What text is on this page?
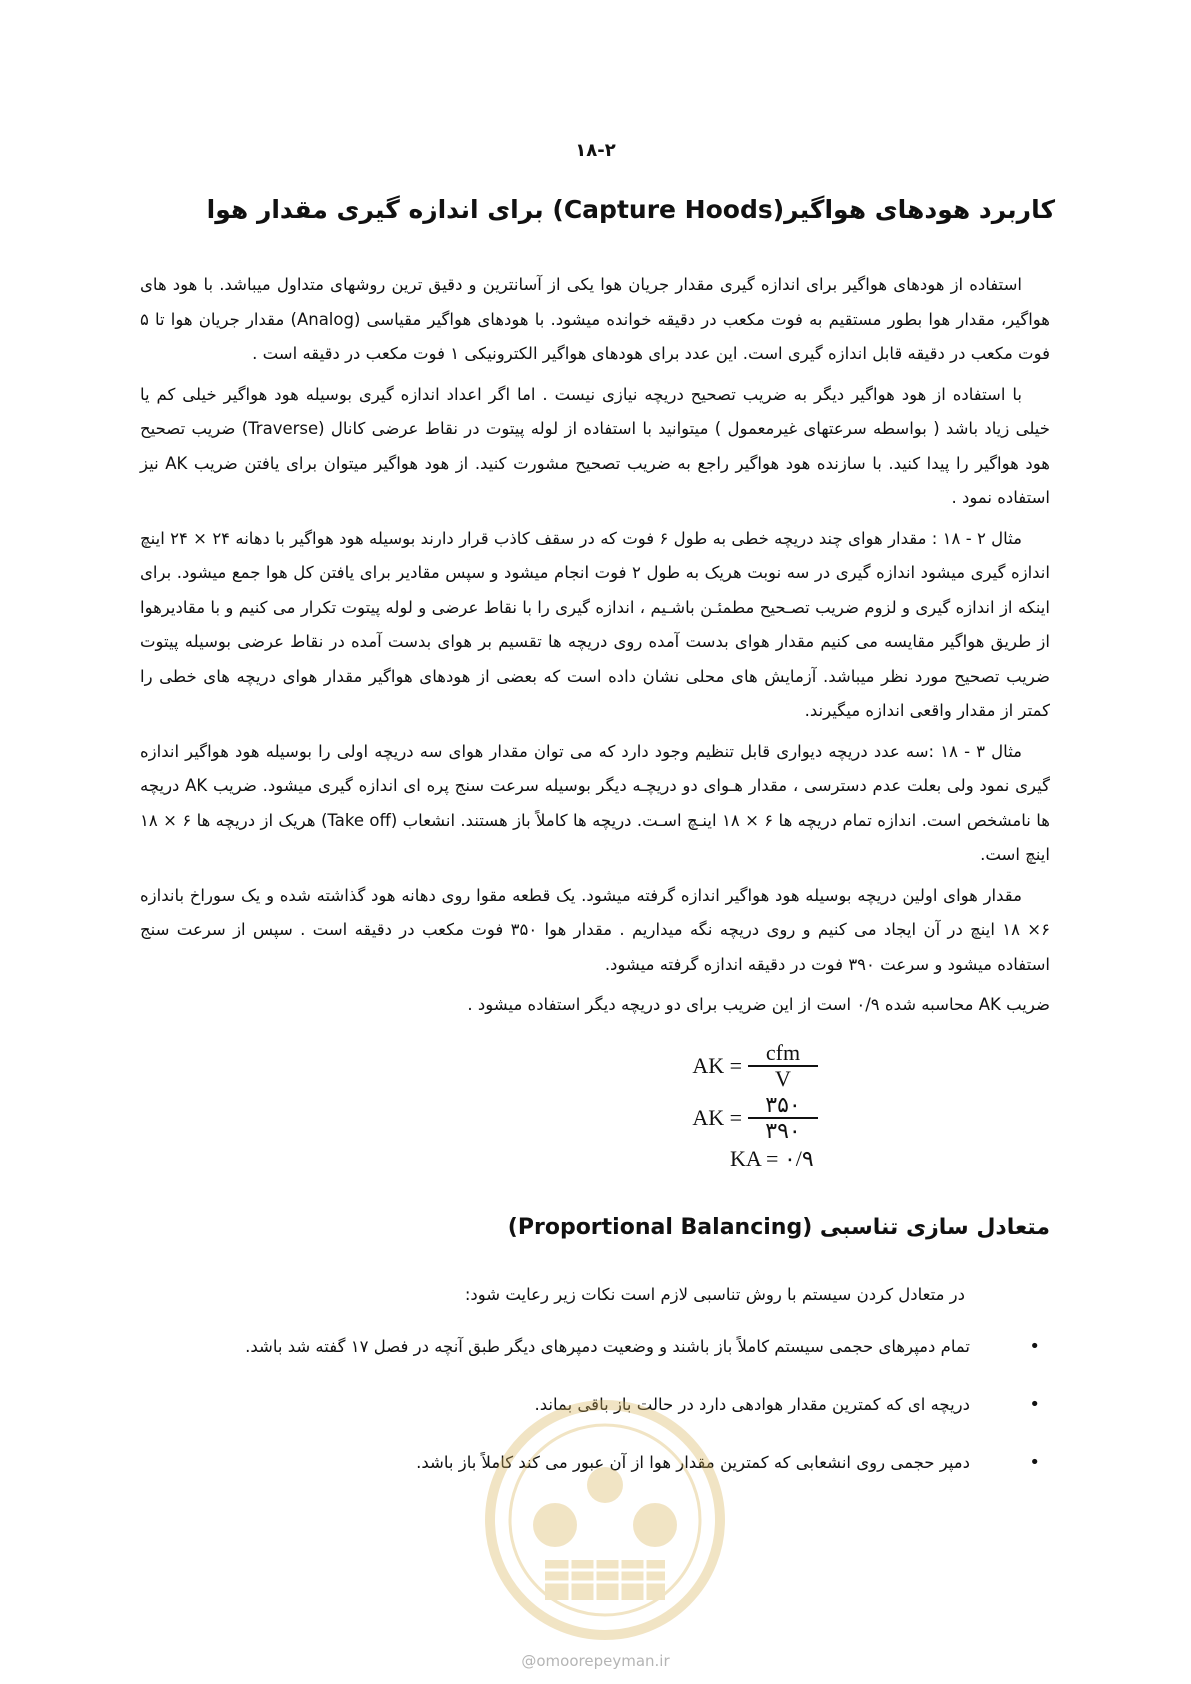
۱۸-۲
کاربرد هودهای هواگیر(Capture Hoods) برای اندازه گیری مقدار هوا

استفاده از هودهای هواگیر برای اندازه گیری مقدار جریان هوا یکی از آسانترین و دقیق ترین روشهای متداول میباشد. با هود های هواگیر، مقدار هوا بطور مستقیم به فوت مکعب در دقیقه خوانده میشود. با هودهای هواگیر مقیاسی (Analog) مقدار جریان هوا تا ۵ فوت مکعب در دقیقه قابل اندازه گیری است. این عدد برای هودهای هواگیر الکترونیکی ۱ فوت مکعب در دقیقه است .

با استفاده از هود هواگیر دیگر به ضریب تصحیح دریچه نیازی نیست . اما اگر اعداد اندازه گیری بوسیله هود هواگیر خیلی کم یا خیلی زیاد باشد ( بواسطه سرعتهای غیرمعمول ) میتوانید با استفاده از لوله پیتوت در نقاط عرضی کانال (Traverse) ضریب تصحیح هود هواگیر را پیدا کنید. با سازنده هود هواگیر راجع به ضریب تصحیح مشورت کنید. از هود هواگیر میتوان برای یافتن ضریب AK نیز استفاده نمود .

مثال ۲ - ۱۸ : مقدار هوای چند دریچه خطی به طول ۶ فوت که در سقف کاذب قرار دارند بوسیله هود هواگیر با دهانه ۲۴ × ۲۴ اینچ اندازه گیری میشود اندازه گیری در سه نوبت هریک به طول ۲ فوت انجام میشود و سپس مقادیر برای یافتن کل هوا جمع میشود. برای اینکه از اندازه گیری و لزوم ضریب تصـحیح مطمئـن باشـیم ، اندازه گیری را با نقاط عرضی و لوله پیتوت تکرار می کنیم و با مقادیرهوا از طریق هواگیر مقایسه می کنیم مقدار هوای بدست آمده روی دریچه ها تقسیم بر هوای بدست آمده در نقاط عرضی بوسیله پیتوت ضریب تصحیح مورد نظر میباشد. آزمایش های محلی نشان داده است که بعضی از هودهای هواگیر مقدار هوای دریچه های خطی را کمتر از مقدار واقعی اندازه میگیرند.

مثال ۳ - ۱۸ :سه عدد دریچه دیواری قابل تنظیم وجود دارد که می توان مقدار هوای سه دریچه اولی را بوسیله هود هواگیر اندازه گیری نمود ولی بعلت عدم دسترسی ، مقدار هـوای دو دریچـه دیگر بوسیله سرعت سنج پره ای اندازه گیری میشود. ضریب AK دریچه ها نامشخص است. اندازه تمام دریچه ها ۶ × ۱۸ اینـچ اسـت. دریچه ها کاملاً باز هستند. انشعاب (Take off) هریک از دریچه ها ۶ × ۱۸ اینچ است.

مقدار هوای اولین دریچه بوسیله هود هواگیر اندازه گرفته میشود. یک قطعه مقوا روی دهانه هود گذاشته شده و یک سوراخ باندازه ۶× ۱۸ اینچ در آن ایجاد می کنیم و روی دریچه نگه میداریم . مقدار هوا ۳۵۰ فوت مکعب در دقیقه است . سپس از سرعت سنج استفاده میشود و سرعت ۳۹۰ فوت در دقیقه اندازه گرفته میشود.

ضریب AK محاسبه شده ۰/۹ است از این ضریب برای دو دریچه دیگر استفاده میشود .

AK = $\frac{\text{cfm}}{V}$
AK = $\frac{۳۵۰}{۳۹۰}$
KA = ۰/۹
متعادل سازی تناسبی (Proportional Balancing)
در متعادل کردن سیستم با روش تناسبی لازم است نکات زیر رعایت شود:
•
تمام دمپرهای حجمی سیستم کاملاً باز باشند و وضعیت دمپرهای دیگر طبق آنچه در فصل ۱۷ گفته شد باشد.
•
دریچه ای که کمترین مقدار هوادهی دارد در حالت باز باقی بماند.
•
دمپر حجمی روی انشعابی که کمترین مقدار هوا از آن عبور می کند کاملاً باز باشد.
@omoorepeyman.ir
